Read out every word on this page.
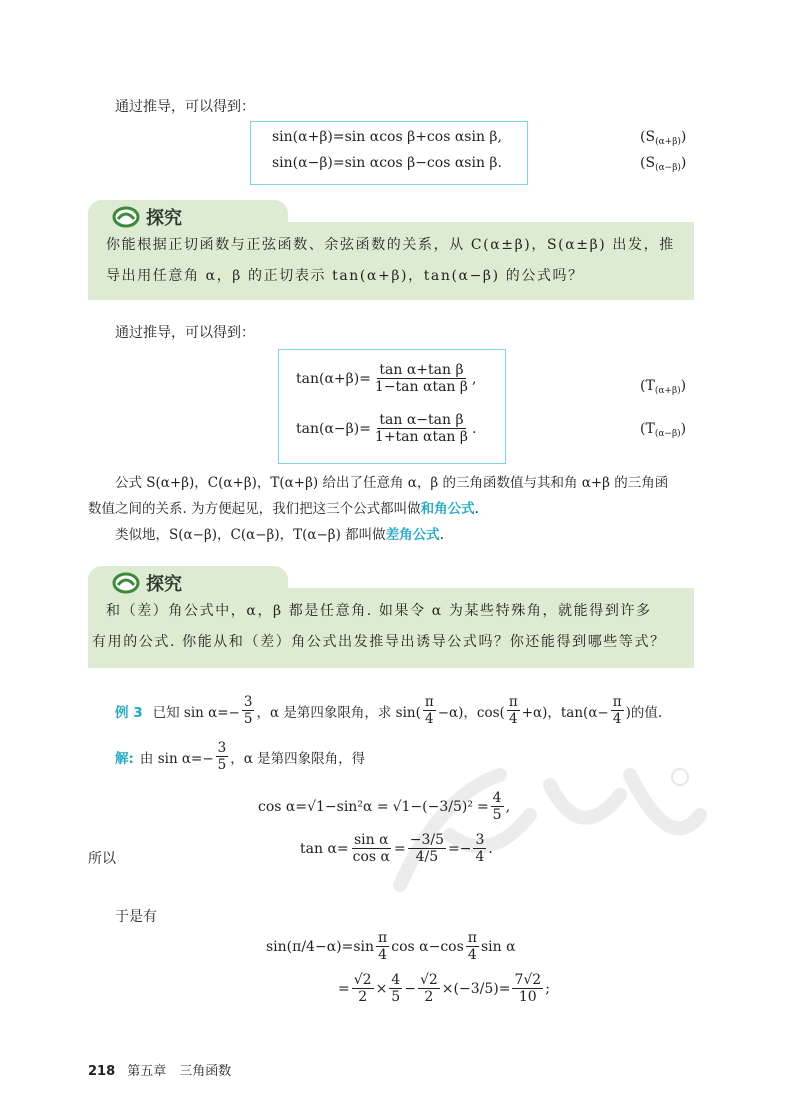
通过推导，可以得到：
sin(α+β)=sin αcos β+cos αsin β,
sin(α−β)=sin αcos β−cos αsin β.
$(S_{(\alpha+\beta)})$
$(S_{(\alpha-\beta)})$
你能根据正切函数与正弦函数、余弦函数的关系，从 C(α±β)，S(α±β) 出发，推导出用任意角 α，β 的正切表示 tan(α+β)，tan(α−β) 的公式吗？
探究
通过推导，可以得到：
$\tan(\alpha+\beta)= \frac{\text{tan α+tan β}}{\text{1−tan αtan β}}$ ,
$\tan(\alpha-\beta)= \frac{\text{tan α−tan β}}{\text{1+tan αtan β}}$ .
$(T_{(\alpha+\beta)})$
$(T_{(\alpha-\beta)})$
公式 S(α+β)，C(α+β)，T(α+β) 给出了任意角 α，β 的三角函数值与其和角 α+β 的三角函
数值之间的关系. 为方便起见，我们把这三个公式都叫做和角公式.
类似地，S(α−β)，C(α−β)，T(α−β) 都叫做差角公式.
和（差）角公式中，α，β 都是任意角. 如果令 α 为某些特殊角，就能得到许多
有用的公式. 你能从和（差）角公式出发推导出诱导公式吗？你还能得到哪些等式？
探究
例 3 已知 $\sin \alpha=- \frac{3}{5}$ ，α 是第四象限角，求 $\sin( \frac{\pi}{4} -\alpha)$，$\cos( \frac{\pi}{4} +\alpha)$，$\tan(\alpha- \frac{\pi}{4}$ )的值.
解: 由 $\sin \alpha=- \frac{3}{5}$ ，α 是第四象限角，得
$\cos \alpha=√1-\sin^2\alpha = √1-(-3/5)^2 = \frac{4}{5}$ ,
所以
$\tan \alpha= \frac{\text{sin α}}{\text{cos α}} = \frac{-3/5}{4/5} =- \frac{3}{4}$ .
于是有
$\sin(\pi/4-\alpha)=\sin \frac{\pi}{4}$ $\cos \alpha-\cos \frac{\pi}{4}$ sin α
= $\frac{√2}{2} \times \frac{4}{5} - \frac{√2}{2} \times(-3/5)= \frac{7√2}{10}$ ;
218 第五章　三角函数
